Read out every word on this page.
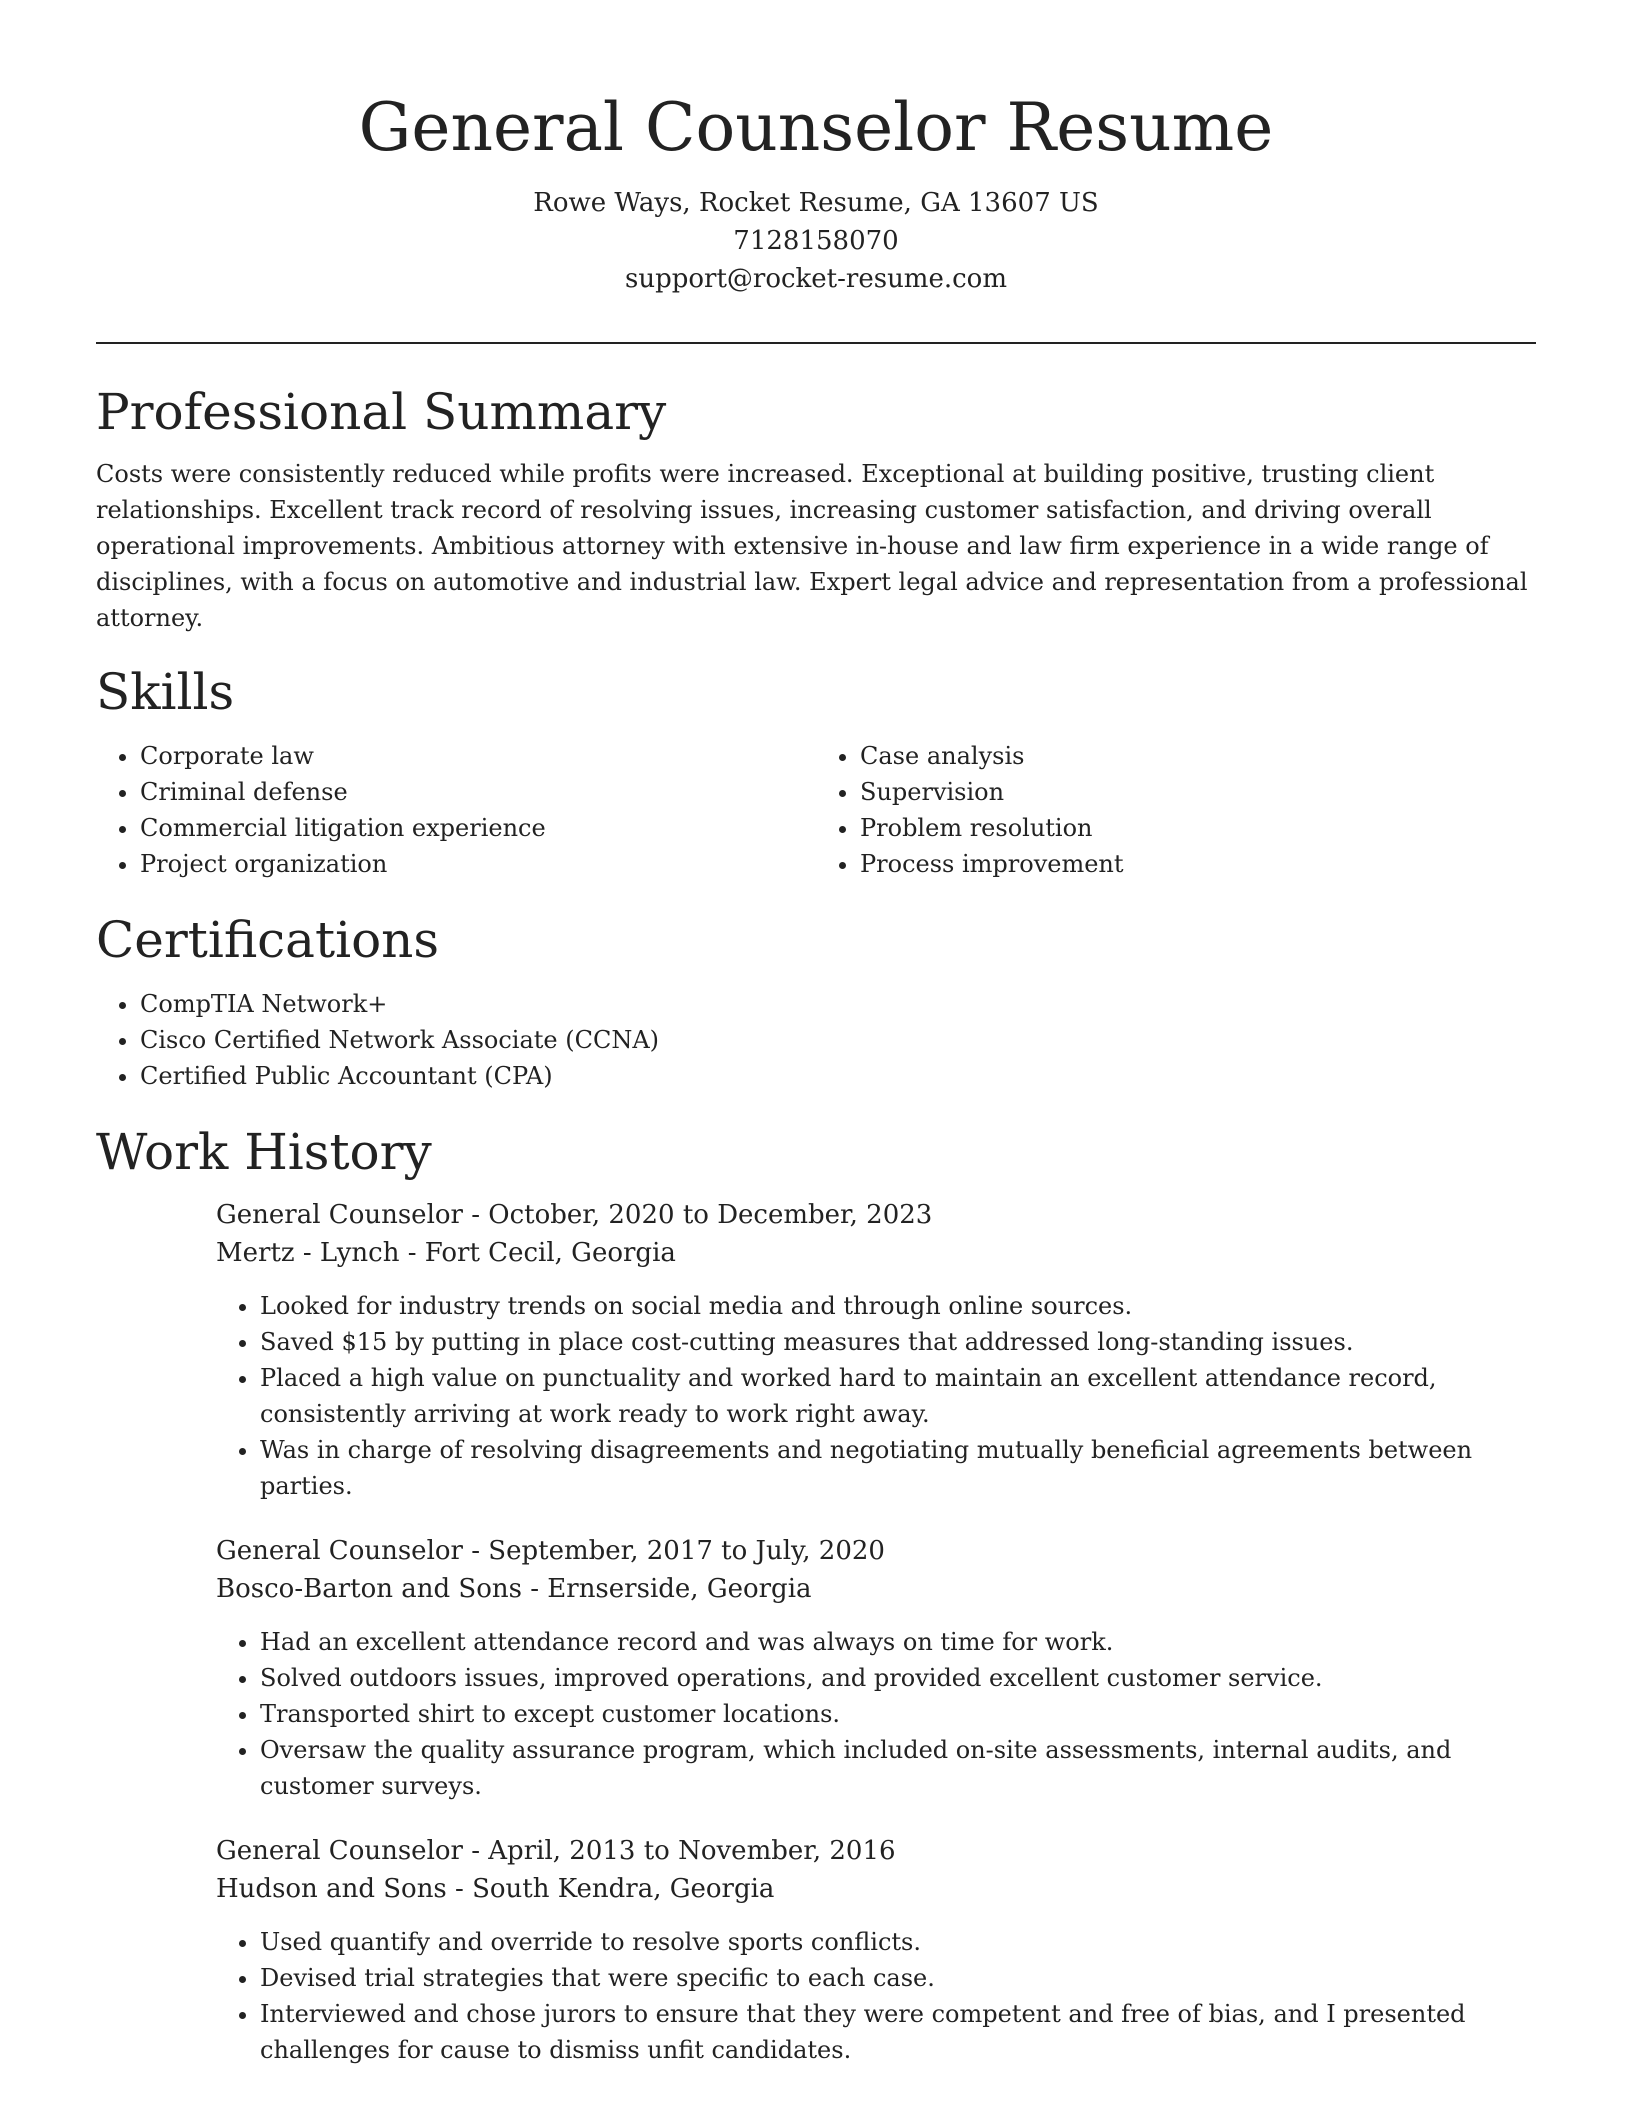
General Counselor Resume
Rowe Ways, Rocket Resume, GA 13607 US
7128158070
support@rocket-resume.com
Professional Summary

Costs were consistently reduced while profits were increased. Exceptional at building positive, trusting client relationships. Excellent track record of resolving issues, increasing customer satisfaction, and driving overall operational improvements. Ambitious attorney with extensive in-house and law firm experience in a wide range of disciplines, with a focus on automotive and industrial law. Expert legal advice and representation from a professional attorney.

Skills
• Corporate law
• Criminal defense
• Commercial litigation experience
• Project organization
• Case analysis
• Supervision
• Problem resolution
• Process improvement
Certifications
• CompTIA Network+
• Cisco Certified Network Associate (CCNA)
• Certified Public Accountant (CPA)
Work History
General Counselor - October, 2020 to December, 2023
Mertz - Lynch - Fort Cecil, Georgia
• Looked for industry trends on social media and through online sources.
• Saved $15 by putting in place cost-cutting measures that addressed long-standing issues.
• Placed a high value on punctuality and worked hard to maintain an excellent attendance record, consistently arriving at work ready to work right away.
• Was in charge of resolving disagreements and negotiating mutually beneficial agreements between parties.
General Counselor - September, 2017 to July, 2020
Bosco-Barton and Sons - Ernserside, Georgia
• Had an excellent attendance record and was always on time for work.
• Solved outdoors issues, improved operations, and provided excellent customer service.
• Transported shirt to except customer locations.
• Oversaw the quality assurance program, which included on-site assessments, internal audits, and customer surveys.
General Counselor - April, 2013 to November, 2016
Hudson and Sons - South Kendra, Georgia
• Used quantify and override to resolve sports conflicts.
• Devised trial strategies that were specific to each case.
• Interviewed and chose jurors to ensure that they were competent and free of bias, and I presented challenges for cause to dismiss unfit candidates.
